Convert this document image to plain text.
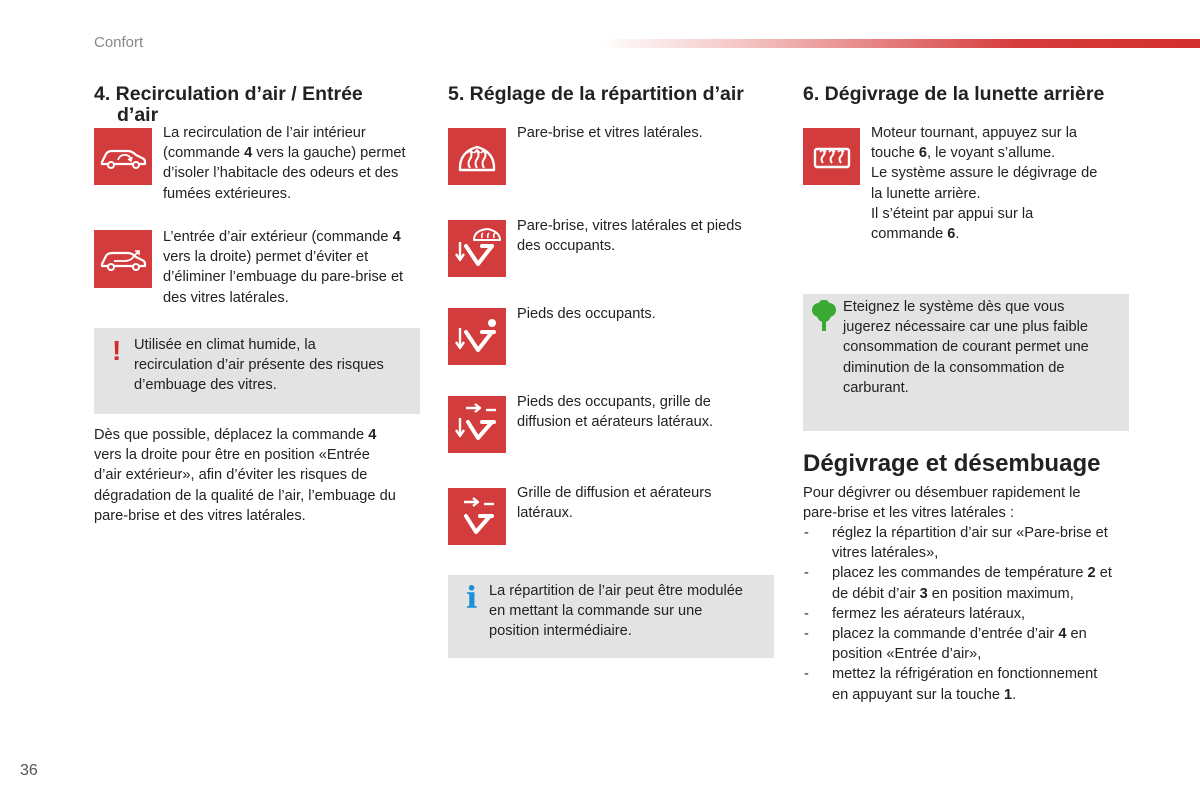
Confort
4. Recirculation d’air / Entrée
d’air
La recirculation de l’air intérieur
(commande 4 vers la gauche) permet
d’isoler l’habitacle des odeurs et des
fumées extérieures.
L’entrée d’air extérieur (commande 4
vers la droite) permet d’éviter et
d’éliminer l’embuage du pare-brise et
des vitres latérales.
! Utilisée en climat humide, la
recirculation d’air présente des risques
d’embuage des vitres.
Dès que possible, déplacez la commande 4
vers la droite pour être en position «Entrée
d’air extérieur», afin d’éviter les risques de
dégradation de la qualité de l’air, l’embuage du
pare-brise et des vitres latérales.
5. Réglage de la répartition d’air
Pare-brise et vitres latérales.
Pare-brise, vitres latérales et pieds
des occupants.
Pieds des occupants.
Pieds des occupants, grille de
diffusion et aérateurs latéraux.
Grille de diffusion et aérateurs
latéraux.
i La répartition de l’air peut être modulée
en mettant la commande sur une
position intermédiaire.
6. Dégivrage de la lunette arrière
Moteur tournant, appuyez sur la
touche 6, le voyant s’allume.
Le système assure le dégivrage de
la lunette arrière.
Il s’éteint par appui sur la
commande 6.
Eteignez le système dès que vous
jugerez nécessaire car une plus faible
consommation de courant permet une
diminution de la consommation de
carburant.
Dégivrage et désembuage
Pour dégivrer ou désembuer rapidement le
pare-brise et les vitres latérales :
- réglez la répartition d’air sur «Pare-brise et
vitres latérales»,
- placez les commandes de température 2 et
de débit d’air 3 en position maximum,
- fermez les aérateurs latéraux,
- placez la commande d’entrée d’air 4 en
position «Entrée d’air»,
- mettez la réfrigération en fonctionnement
en appuyant sur la touche 1.
36
